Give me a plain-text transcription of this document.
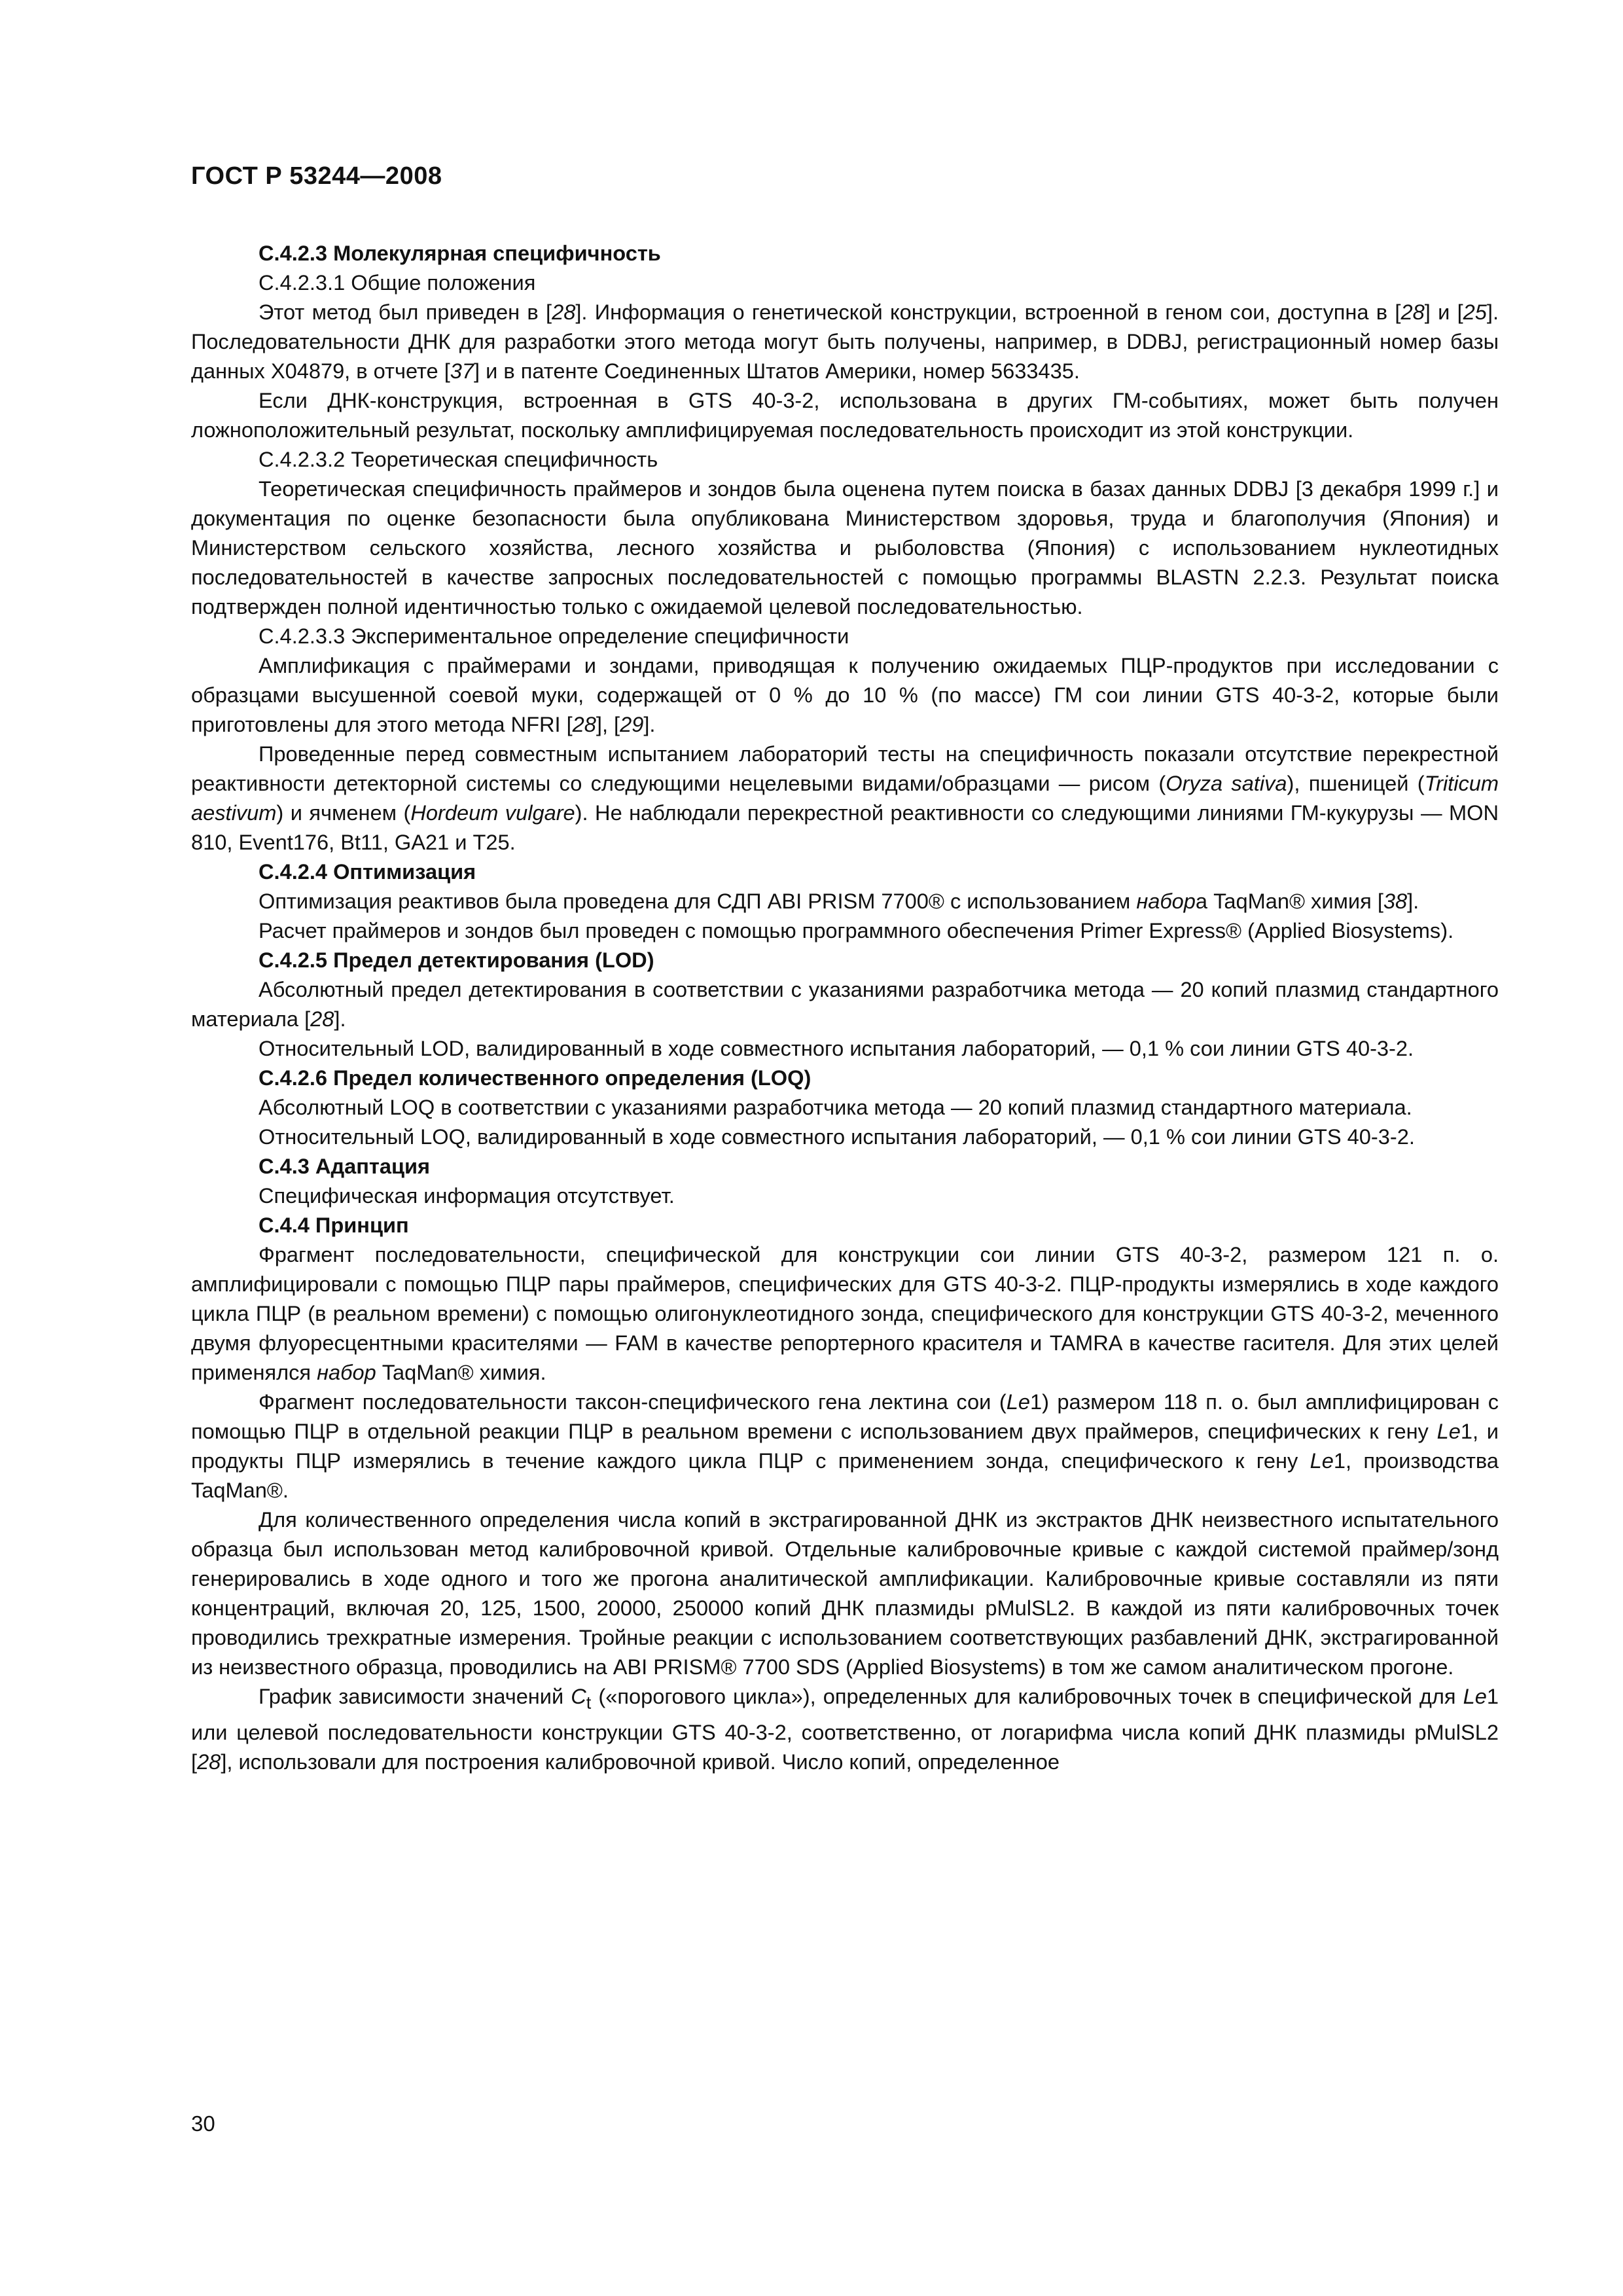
ГОСТ Р 53244—2008

С.4.2.3 Молекулярная специфичность

С.4.2.3.1 Общие положения

Этот метод был приведен в [28]. Информация о генетической конструкции, встроенной в геном сои, доступна в [28] и [25]. Последовательности ДНК для разработки этого метода могут быть получены, например, в DDBJ, регистрационный номер базы данных Х04879, в отчете [37] и в патенте Соединенных Штатов Америки, номер 5633435.

Если ДНК-конструкция, встроенная в GTS 40-3-2, использована в других ГМ-событиях, может быть получен ложноположительный результат, поскольку амплифицируемая последовательность происходит из этой конструкции.

С.4.2.3.2 Теоретическая специфичность

Теоретическая специфичность праймеров и зондов была оценена путем поиска в базах данных DDBJ [3 декабря 1999 г.] и документация по оценке безопасности была опубликована Министерством здоровья, труда и благополучия (Япония) и Министерством сельского хозяйства, лесного хозяйства и рыболовства (Япония) с использованием нуклеотидных последовательностей в качестве запросных последовательностей с помощью программы BLASTN 2.2.3. Результат поиска подтвержден полной идентичностью только с ожидаемой целевой последовательностью.

С.4.2.3.3 Экспериментальное определение специфичности

Амплификация с праймерами и зондами, приводящая к получению ожидаемых ПЦР-продуктов при исследовании с образцами высушенной соевой муки, содержащей от 0 % до 10 % (по массе) ГМ сои линии GTS 40-3-2, которые были приготовлены для этого метода NFRI [28], [29].

Проведенные перед совместным испытанием лабораторий тесты на специфичность показали отсутствие перекрестной реактивности детекторной системы со следующими нецелевыми видами/образцами — рисом (Oryza sativa), пшеницей (Triticum aestivum) и ячменем (Hordeum vulgare). Не наблюдали перекрестной реактивности со следующими линиями ГМ-кукурузы — MON 810, Event176, Bt11, GA21 и T25.

С.4.2.4 Оптимизация

Оптимизация реактивов была проведена для СДП ABI PRISM 7700® с использованием набора TaqMan® химия [38].

Расчет праймеров и зондов был проведен с помощью программного обеспечения Primer Express® (Applied Biosystems).

С.4.2.5 Предел детектирования (LOD)

Абсолютный предел детектирования в соответствии с указаниями разработчика метода — 20 копий плазмид стандартного материала [28].

Относительный LOD, валидированный в ходе совместного испытания лабораторий, — 0,1 % сои линии GTS 40-3-2.

С.4.2.6 Предел количественного определения (LOQ)

Абсолютный LOQ в соответствии с указаниями разработчика метода — 20 копий плазмид стандартного материала.

Относительный LOQ, валидированный в ходе совместного испытания лабораторий, — 0,1 % сои линии GTS 40-3-2.

С.4.3 Адаптация

Специфическая информация отсутствует.

С.4.4 Принцип

Фрагмент последовательности, специфической для конструкции сои линии GTS 40-3-2, размером 121 п. о. амплифицировали с помощью ПЦР пары праймеров, специфических для GTS 40-3-2. ПЦР-продукты измерялись в ходе каждого цикла ПЦР (в реальном времени) с помощью олигонуклеотидного зонда, специфического для конструкции GTS 40-3-2, меченного двумя флуоресцентными красителями — FAM в качестве репортерного красителя и TAMRA в качестве гасителя. Для этих целей применялся набор TaqMan® химия.

Фрагмент последовательности таксон-специфического гена лектина сои (Le1) размером 118 п. о. был амплифицирован с помощью ПЦР в отдельной реакции ПЦР в реальном времени с использованием двух праймеров, специфических к гену Le1, и продукты ПЦР измерялись в течение каждого цикла ПЦР с применением зонда, специфического к гену Le1, производства TaqMan®.

Для количественного определения числа копий в экстрагированной ДНК из экстрактов ДНК неизвестного испытательного образца был использован метод калибровочной кривой. Отдельные калибровочные кривые с каждой системой праймер/зонд генерировались в ходе одного и того же прогона аналитической амплификации. Калибровочные кривые составляли из пяти концентраций, включая 20, 125, 1500, 20000, 250000 копий ДНК плазмиды pMulSL2. В каждой из пяти калибровочных точек проводились трехкратные измерения. Тройные реакции с использованием соответствующих разбавлений ДНК, экстрагированной из неизвестного образца, проводились на ABI PRISM® 7700 SDS (Applied Biosystems) в том же самом аналитическом прогоне.

График зависимости значений $C_t$ («порогового цикла»), определенных для калибровочных точек в специфической для Le1 или целевой последовательности конструкции GTS 40-3-2, соответственно, от логарифма числа копий ДНК плазмиды pMulSL2 [28], использовали для построения калибровочной кривой. Число копий, определенное

30
